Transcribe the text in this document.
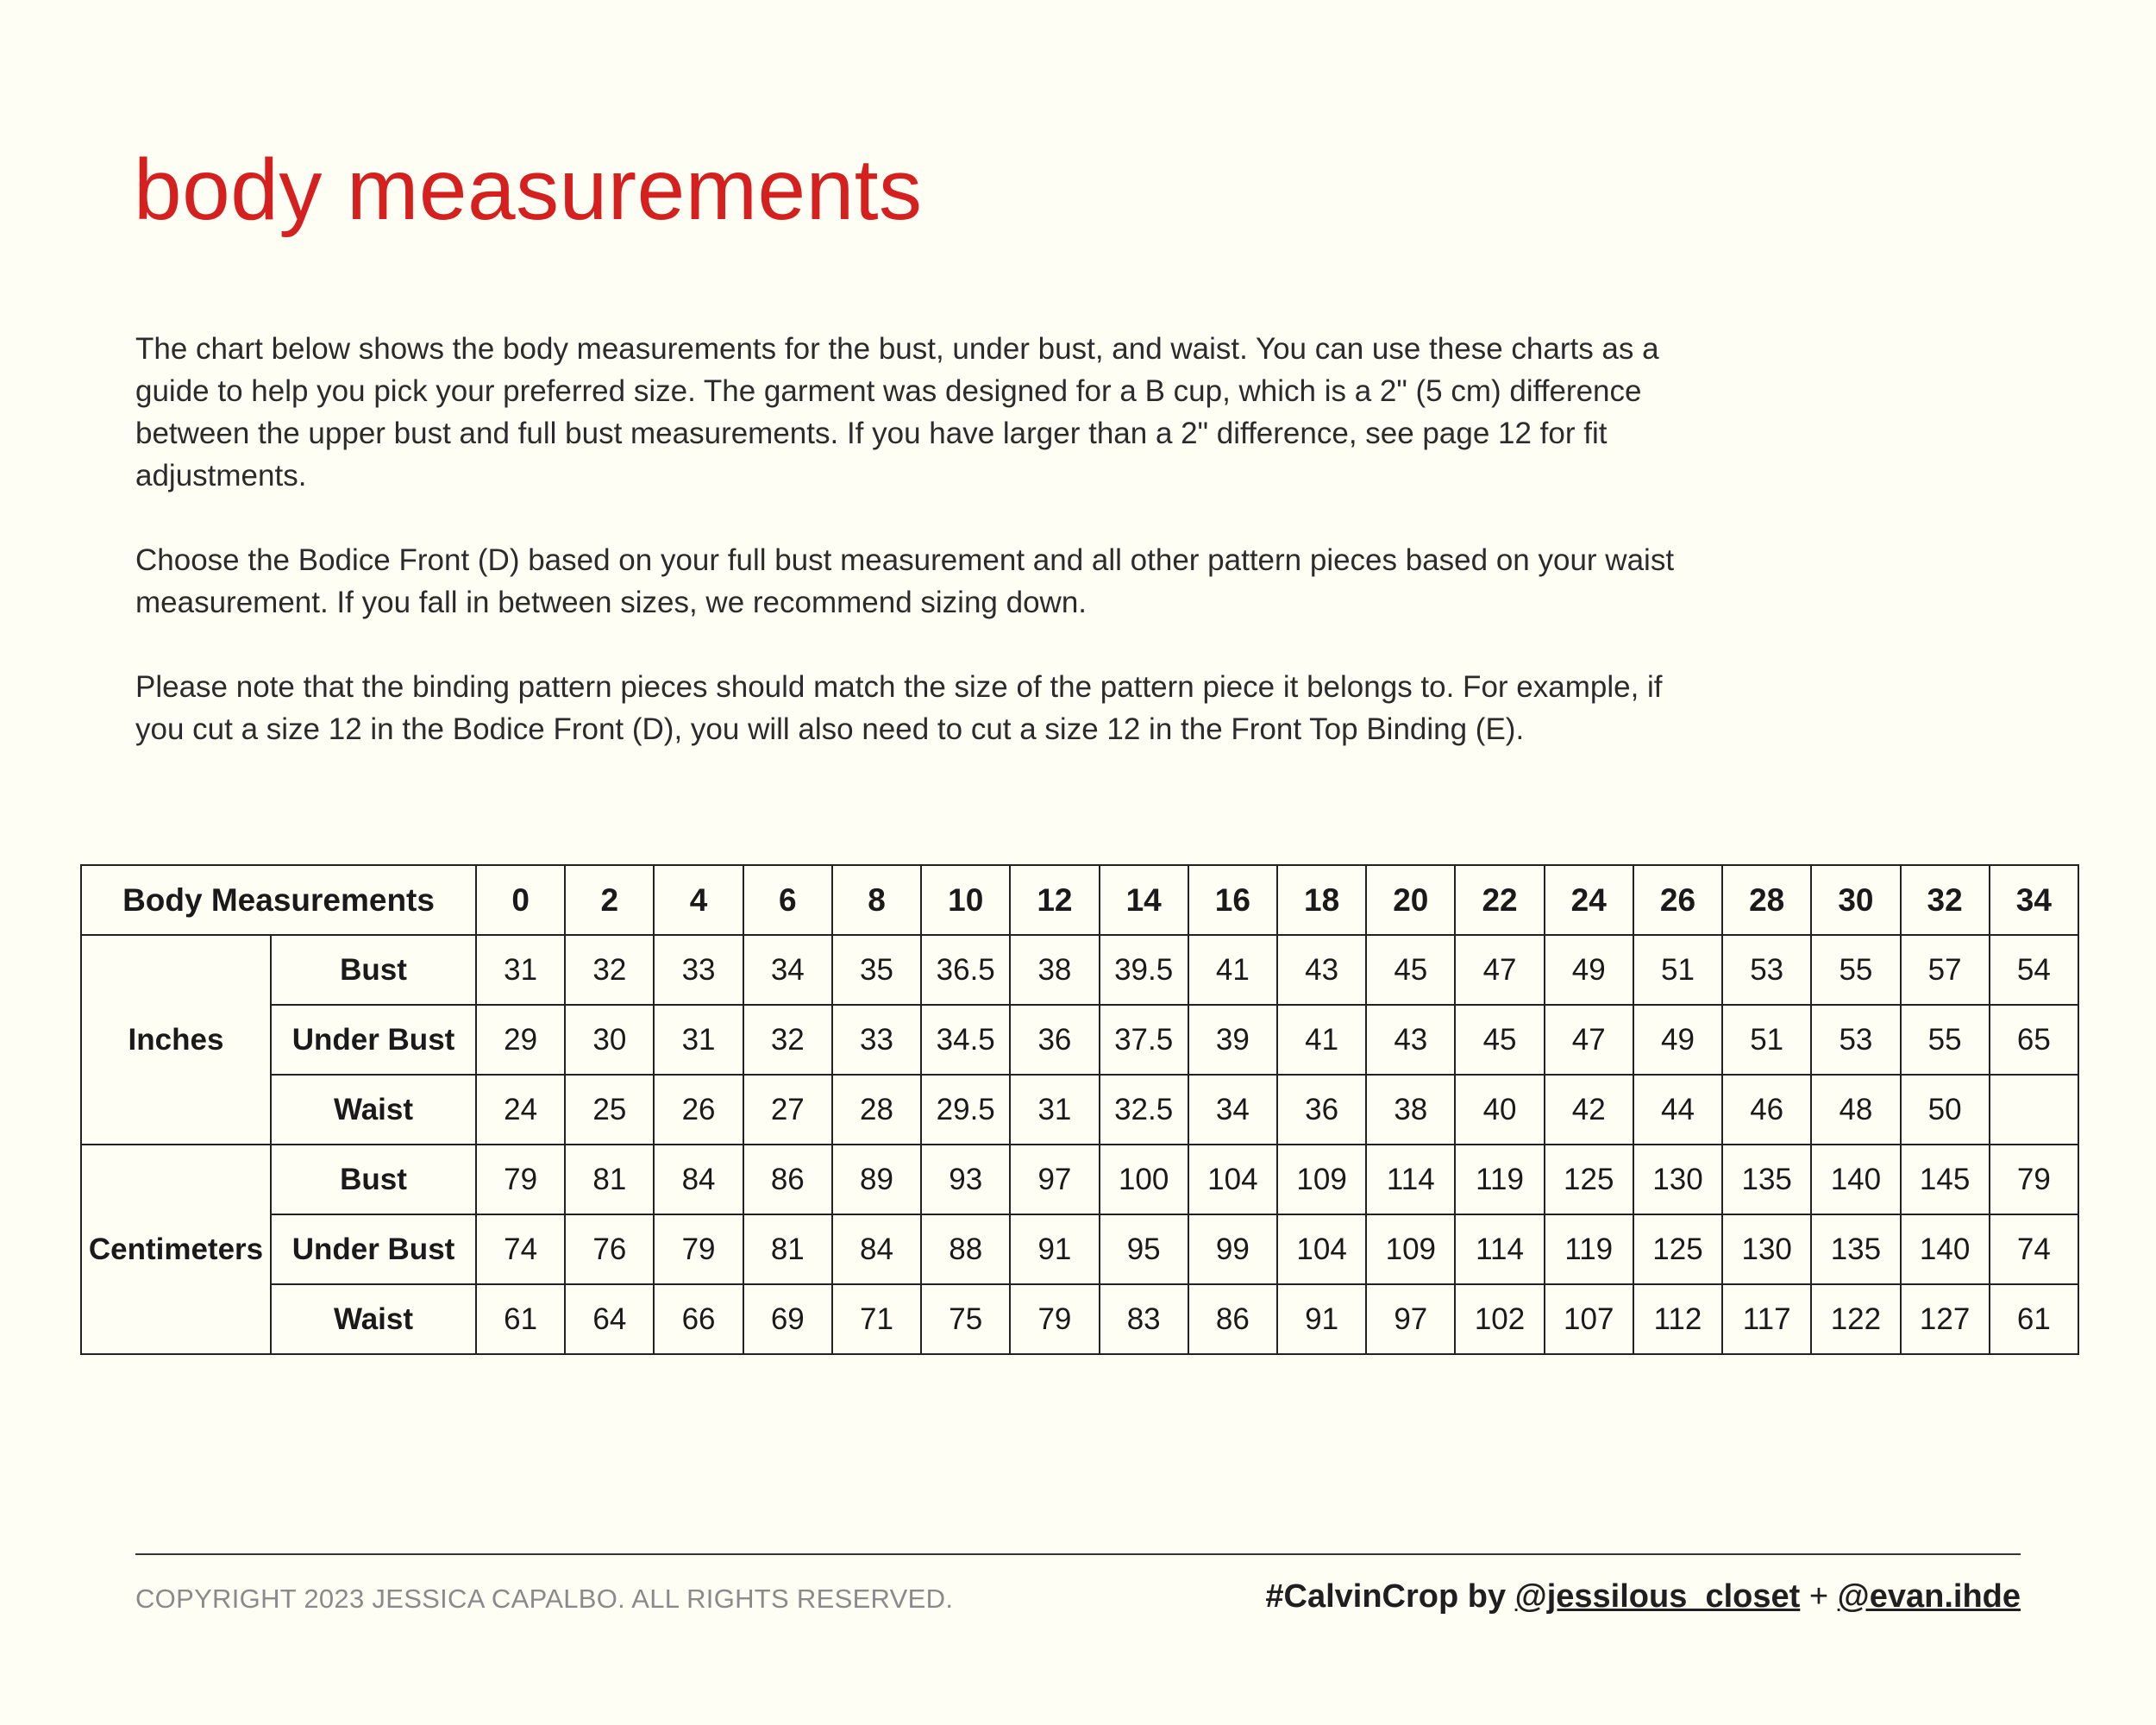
body measurements

The chart below shows the body measurements for the bust, under bust, and waist. You can use these charts as a guide to help you pick your preferred size. The garment was designed for a B cup, which is a 2" (5 cm) difference between the upper bust and full bust measurements. If you have larger than a 2" difference, see page 12 for fit adjustments.

Choose the Bodice Front (D) based on your full bust measurement and all other pattern pieces based on your waist measurement. If you fall in between sizes, we recommend sizing down.

Please note that the binding pattern pieces should match the size of the pattern piece it belongs to. For example, if you cut a size 12 in the Bodice Front (D), you will also need to cut a size 12 in the Front Top Binding (E).

Body Measurements		0	2	4	6	8	10	12	14	16	18	20	22	24	26	28	30	32	34
Inches	Bust	31	32	33	34	35	36.5	38	39.5	41	43	45	47	49	51	53	55	57	54
	Under Bust	29	30	31	32	33	34.5	36	37.5	39	41	43	45	47	49	51	53	55	65
	Waist	24	25	26	27	28	29.5	31	32.5	34	36	38	40	42	44	46	48	50	
Centimeters	Bust	79	81	84	86	89	93	97	100	104	109	114	119	125	130	135	140	145	79
	Under Bust	74	76	79	81	84	88	91	95	99	104	109	114	119	125	130	135	140	74
	Waist	61	64	66	69	71	75	79	83	86	91	97	102	107	112	117	122	127	61
COPYRIGHT 2023 JESSICA CAPALBO. ALL RIGHTS RESERVED.	#CalvinCrop by @jessilous_closet + @evan.ihde
